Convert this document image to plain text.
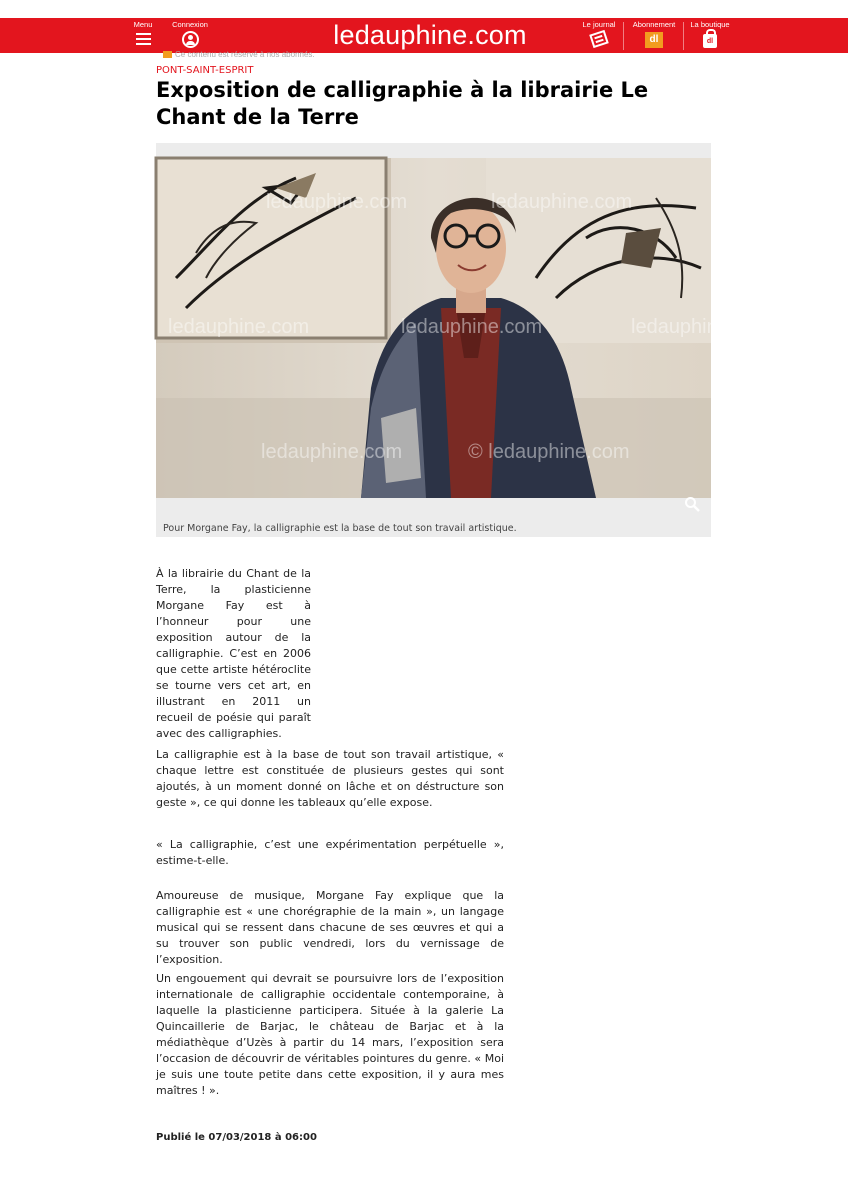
Menu	Connexion	ledauphine.com	Le journal	Abonnement
dl
La boutique
dl
Ce contenu est réservé à nos abonnés.
PONT-SAINT-ESPRIT
Exposition de calligraphie à la librairie Le Chant de la Terre
ledauphine.com	ledauphine.com
ledauphine.com	ledauphine.com	ledauphine.com
ledauphine.com	© ledauphine.com
Pour Morgane Fay, la calligraphie est la base de tout son travail artistique.

À la librairie du Chant de la Terre, la plasticienne Morgane Fay est à l’honneur pour une exposition autour de la calligraphie. C’est en 2006 que cette artiste hétéroclite se tourne vers cet art, en illustrant en 2011 un recueil de poésie qui paraît avec des calligraphies.

La calligraphie est à la base de tout son travail artistique, « chaque lettre est constituée de plusieurs gestes qui sont ajoutés, à un moment donné on lâche et on déstructure son geste », ce qui donne les tableaux qu’elle expose.

« La calligraphie, c’est une expérimentation perpétuelle », estime-t-elle.

Amoureuse de musique, Morgane Fay explique que la calligraphie est « une chorégraphie de la main », un langage musical qui se ressent dans chacune de ses œuvres et qui a su trouver son public vendredi, lors du vernissage de l’exposition.

Un engouement qui devrait se poursuivre lors de l’exposition internationale de calligraphie occidentale contemporaine, à laquelle la plasticienne participera. Située à la galerie La Quincaillerie de Barjac, le château de Barjac et à la médiathèque d’Uzès à partir du 14 mars, l’exposition sera l’occasion de découvrir de véritables pointures du genre. « Moi je suis une toute petite dans cette exposition, il y aura mes maîtres ! ».

Publié le 07/03/2018 à 06:00
